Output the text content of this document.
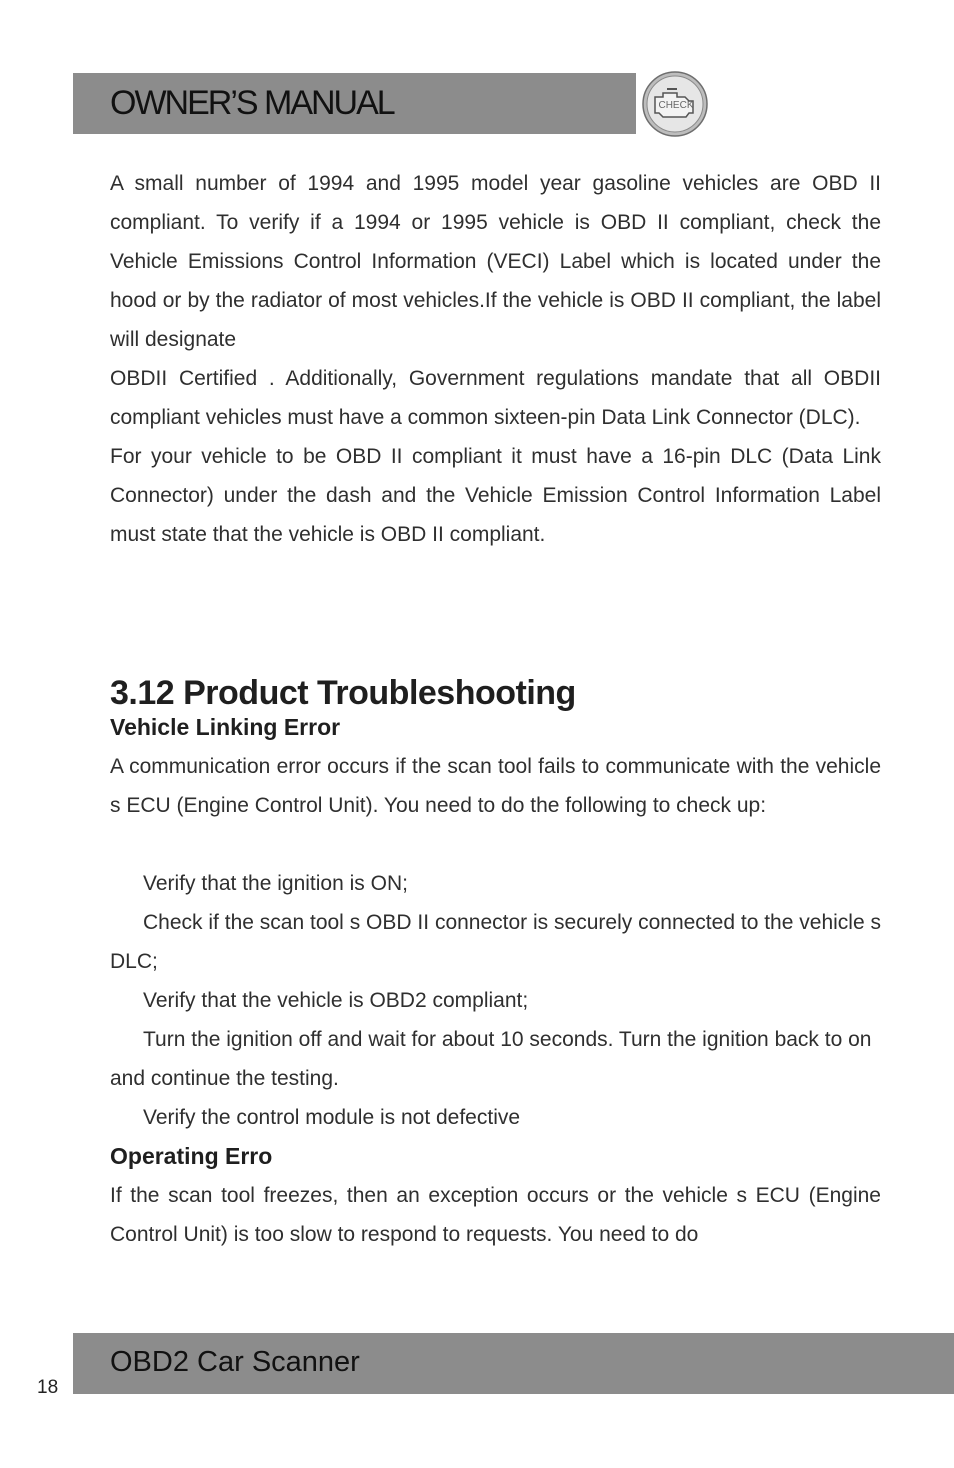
OWNER’S MANUAL	CHECK

A small number of 1994 and 1995 model year gasoline vehicles are OBD II compliant. To verify if a 1994 or 1995 vehicle is OBD II compliant, check the Vehicle Emissions Control Information (VECI) Label which is located under the hood or by the radiator of most vehicles.If the vehicle is OBD II compliant, the label will designate

OBDII Certified . Additionally, Government regulations mandate that all OBDII compliant vehicles must have a common sixteen-pin Data Link Connector (DLC).

For your vehicle to be OBD II compliant it must have a 16-pin DLC (Data Link Connector) under the dash and the Vehicle Emission Control Information Label must state that the vehicle is OBD II compliant.

3.12 Product Troubleshooting
Vehicle Linking Error

A communication error occurs if the scan tool fails to communicate with the vehicle s ECU (Engine Control Unit). You need to do the following to check up:

Verify that the ignition is ON;

Check if the scan tool s OBD II connector is securely connected to the vehicle s DLC;

Verify that the vehicle is OBD2 compliant;

Turn the ignition off and wait for about 10 seconds. Turn the ignition back to on and continue the testing.

Verify the control module is not defective

Operating Erro

If the scan tool freezes, then an exception occurs or the vehicle s ECU (Engine Control Unit) is too slow to respond to requests. You need to do

OBD2 Car Scanner
18
